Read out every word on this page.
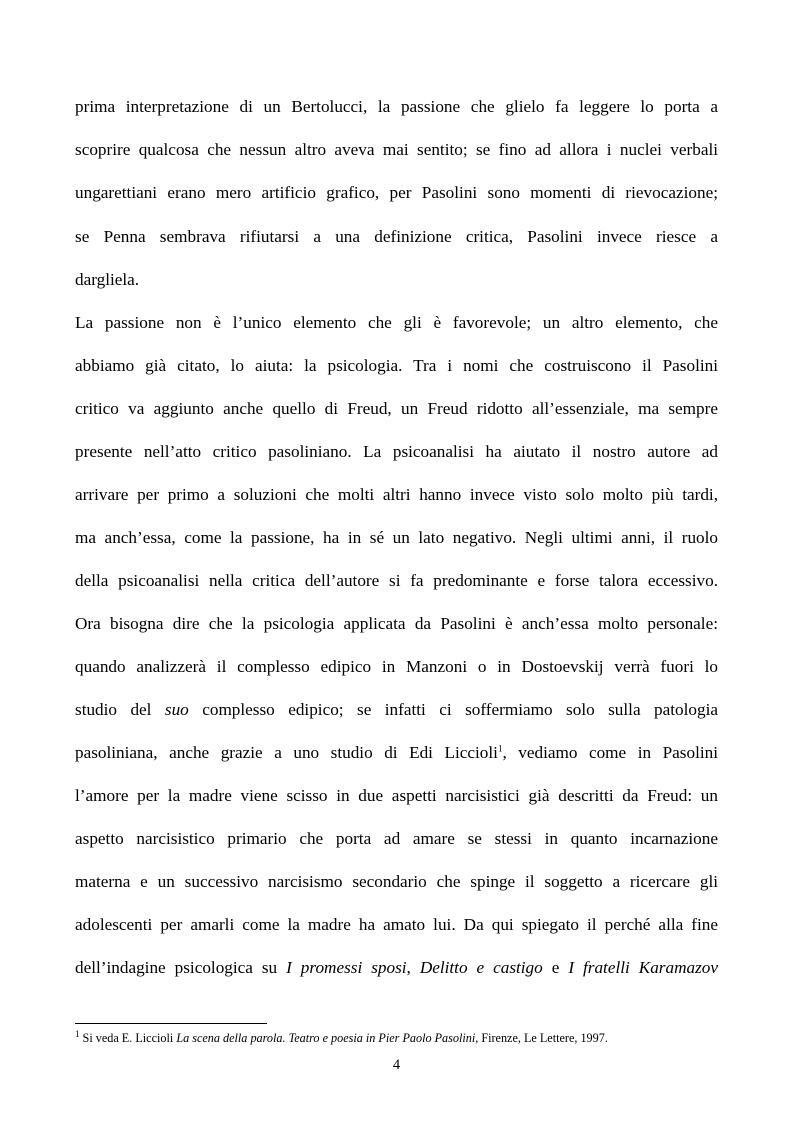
prima interpretazione di un Bertolucci, la passione che glielo fa leggere lo porta a
scoprire qualcosa che nessun altro aveva mai sentito; se fino ad allora i nuclei verbali
ungarettiani erano mero artificio grafico, per Pasolini sono momenti di rievocazione;
se Penna sembrava rifiutarsi a una definizione critica, Pasolini invece riesce a
dargliela.
La passione non è l’unico elemento che gli è favorevole; un altro elemento, che
abbiamo già citato, lo aiuta: la psicologia. Tra i nomi che costruiscono il Pasolini
critico va aggiunto anche quello di Freud, un Freud ridotto all’essenziale, ma sempre
presente nell’atto critico pasoliniano. La psicoanalisi ha aiutato il nostro autore ad
arrivare per primo a soluzioni che molti altri hanno invece visto solo molto più tardi,
ma anch’essa, come la passione, ha in sé un lato negativo. Negli ultimi anni, il ruolo
della psicoanalisi nella critica dell’autore si fa predominante e forse talora eccessivo.
Ora bisogna dire che la psicologia applicata da Pasolini è anch’essa molto personale:
quando analizzerà il complesso edipico in Manzoni o in Dostoevskij verrà fuori lo
studio del suo complesso edipico; se infatti ci soffermiamo solo sulla patologia
pasoliniana, anche grazie a uno studio di Edi Liccioli$^1$, vediamo come in Pasolini
l’amore per la madre viene scisso in due aspetti narcisistici già descritti da Freud: un
aspetto narcisistico primario che porta ad amare se stessi in quanto incarnazione
materna e un successivo narcisismo secondario che spinge il soggetto a ricercare gli
adolescenti per amarli come la madre ha amato lui. Da qui spiegato il perché alla fine
dell’indagine psicologica su I promessi sposi, Delitto e castigo e I fratelli Karamazov
$^1$ Si veda E. Liccioli La scena della parola. Teatro e poesia in Pier Paolo Pasolini, Firenze, Le Lettere, 1997.
4
